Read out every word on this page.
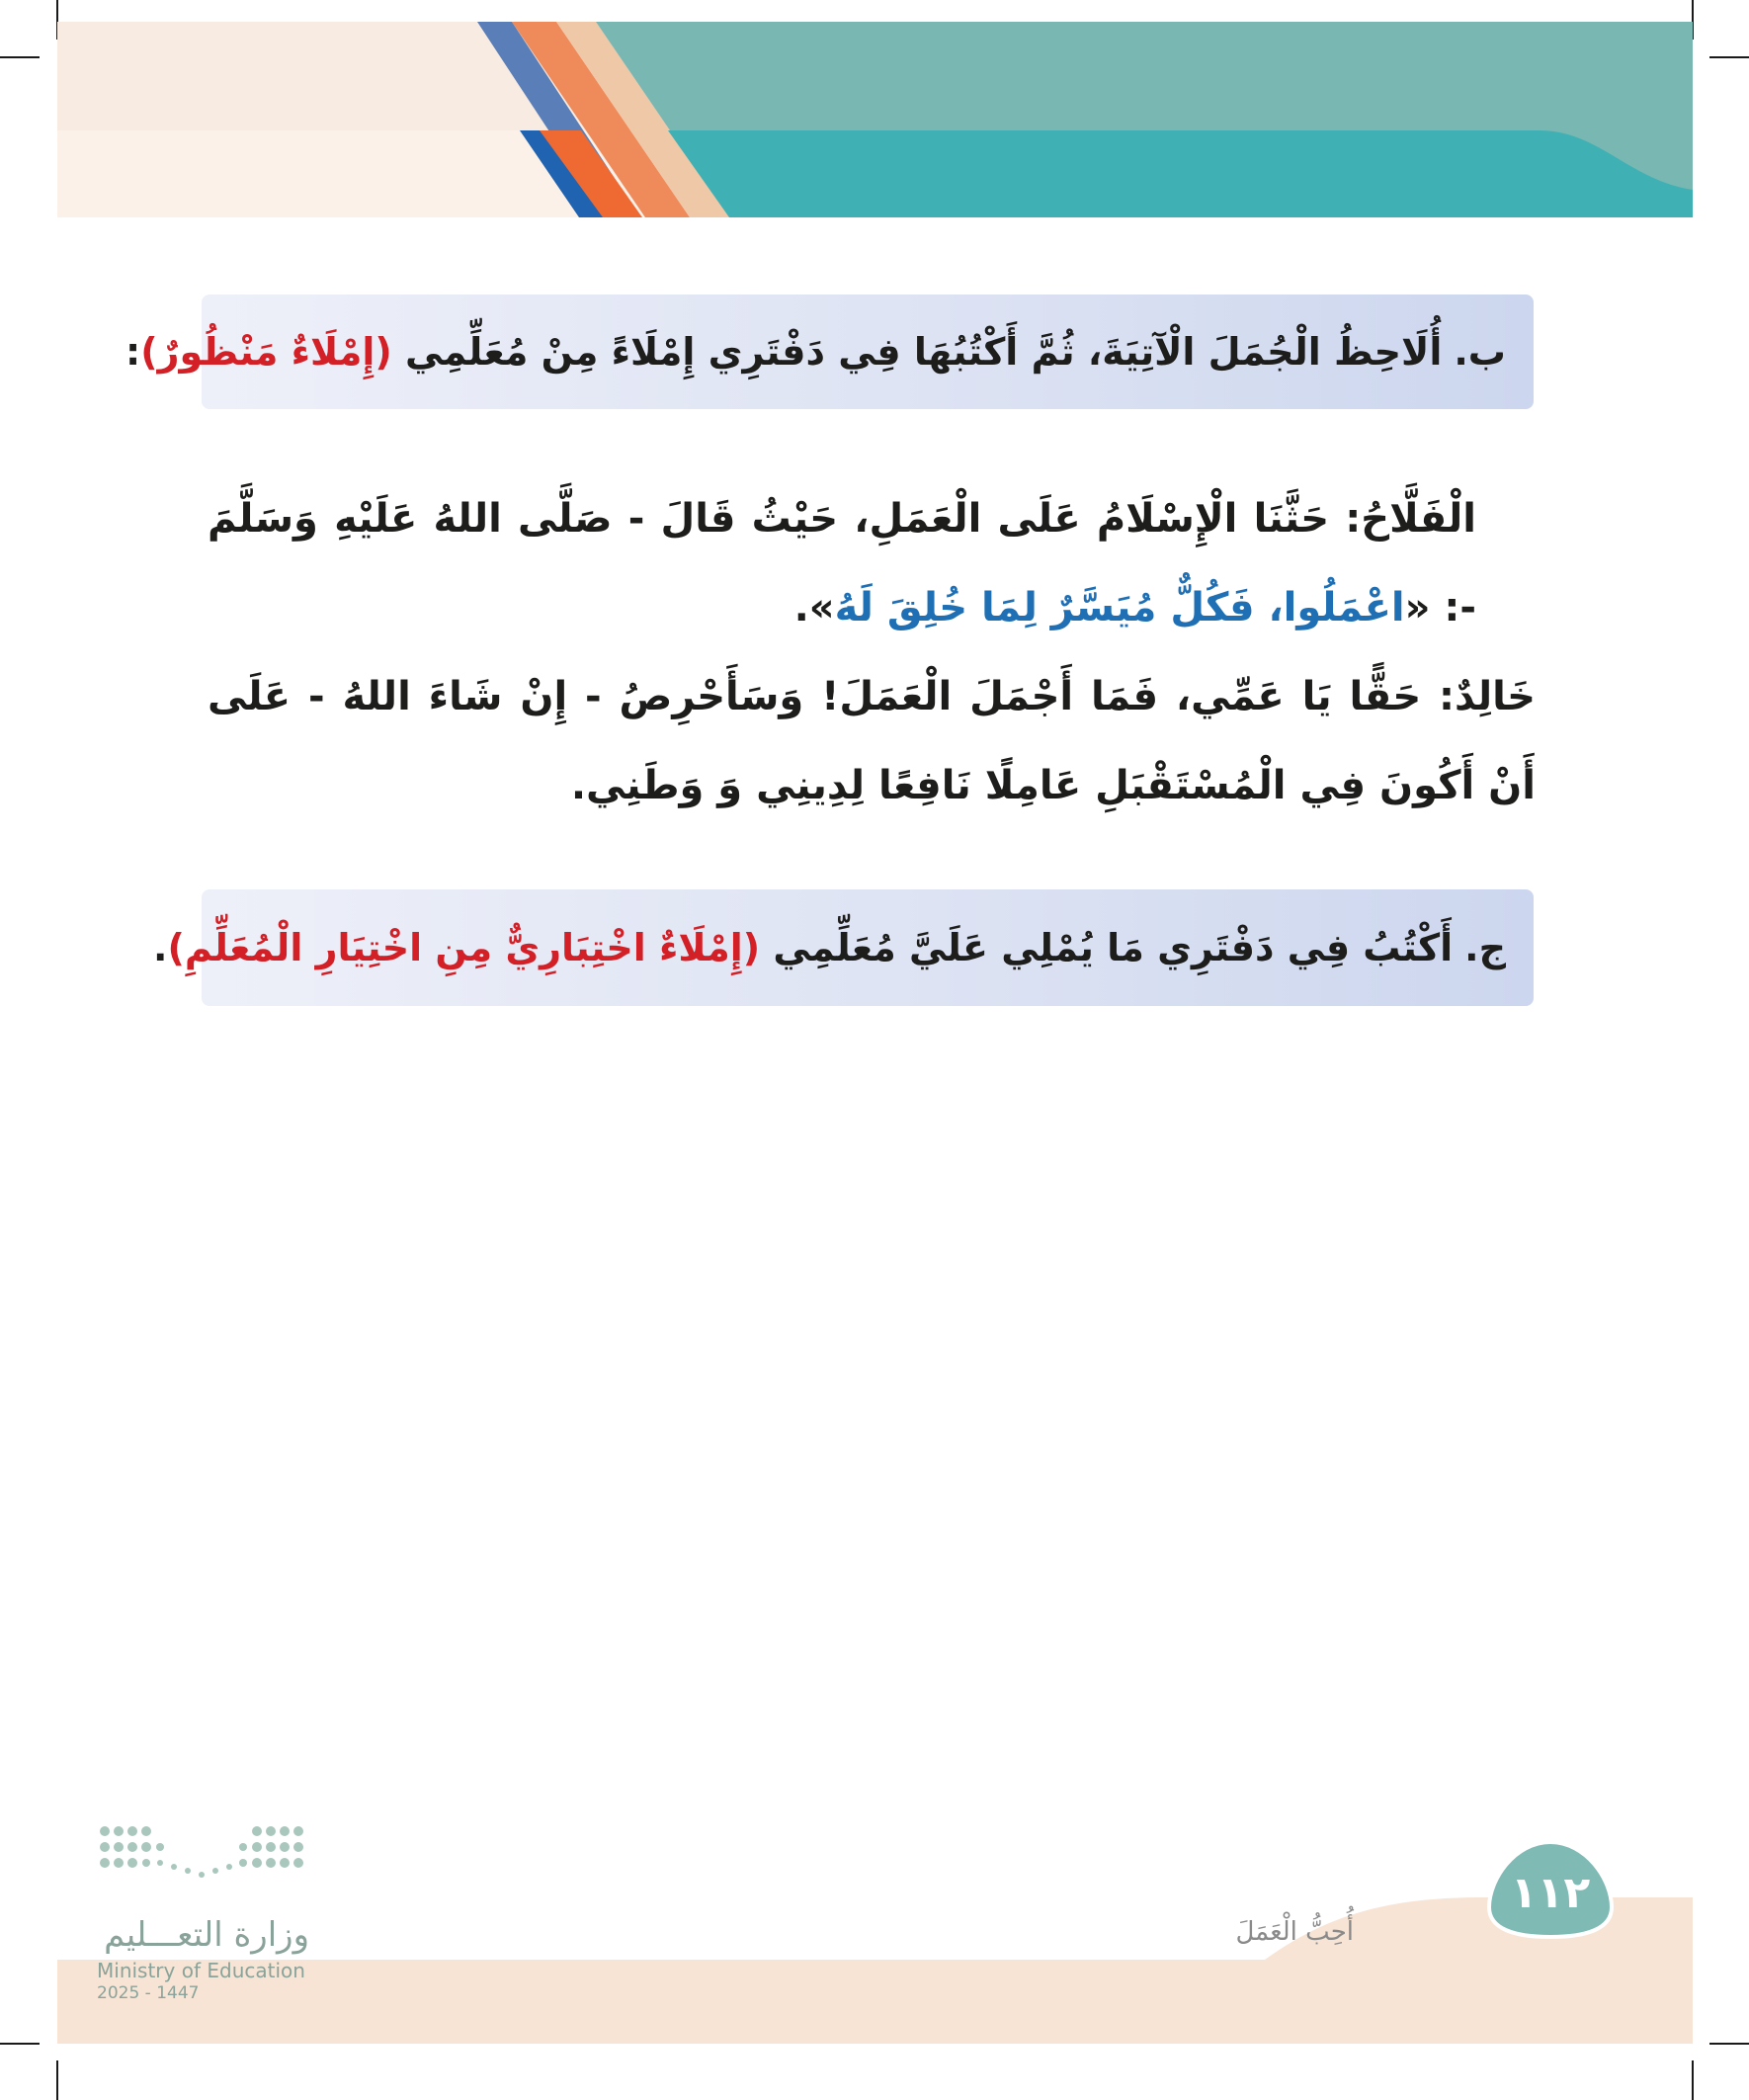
ب.
أُلَاحِظُ الْجُمَلَ الْآتِيَةَ، ثُمَّ أَكْتُبُهَا فِي دَفْتَرِي إِمْلَاءً مِنْ مُعَلِّمِي

(إِمْلَاءٌ مَنْظُورٌ)
:

الْفَلَّاحُ: حَثَّنَا الْإِسْلَامُ عَلَى الْعَمَلِ، حَيْثُ قَالَ - صَلَّى اللهُ عَلَيْهِ وَسَلَّمَ -: «اعْمَلُوا، فَكُلٌّ مُيَسَّرٌ لِمَا خُلِقَ لَهُ».

خَالِدٌ: حَقًّا يَا عَمِّي، فَمَا أَجْمَلَ الْعَمَلَ! وَسَأَحْرِصُ - إِنْ شَاءَ اللهُ - عَلَى أَنْ أَكُونَ فِي الْمُسْتَقْبَلِ عَامِلًا نَافِعًا لِدِينِي وَ وَطَنِي.

ج.
أَكْتُبُ فِي دَفْتَرِي مَا يُمْلِي عَلَيَّ مُعَلِّمِي

(إِمْلَاءٌ اخْتِبَارِيٌّ مِنِ اخْتِيَارِ الْمُعَلِّمِ)
.
١١٢
أُحِبُّ الْعَمَلَ
وزارة التعـــليم
Ministry of Education
2025 - 1447
